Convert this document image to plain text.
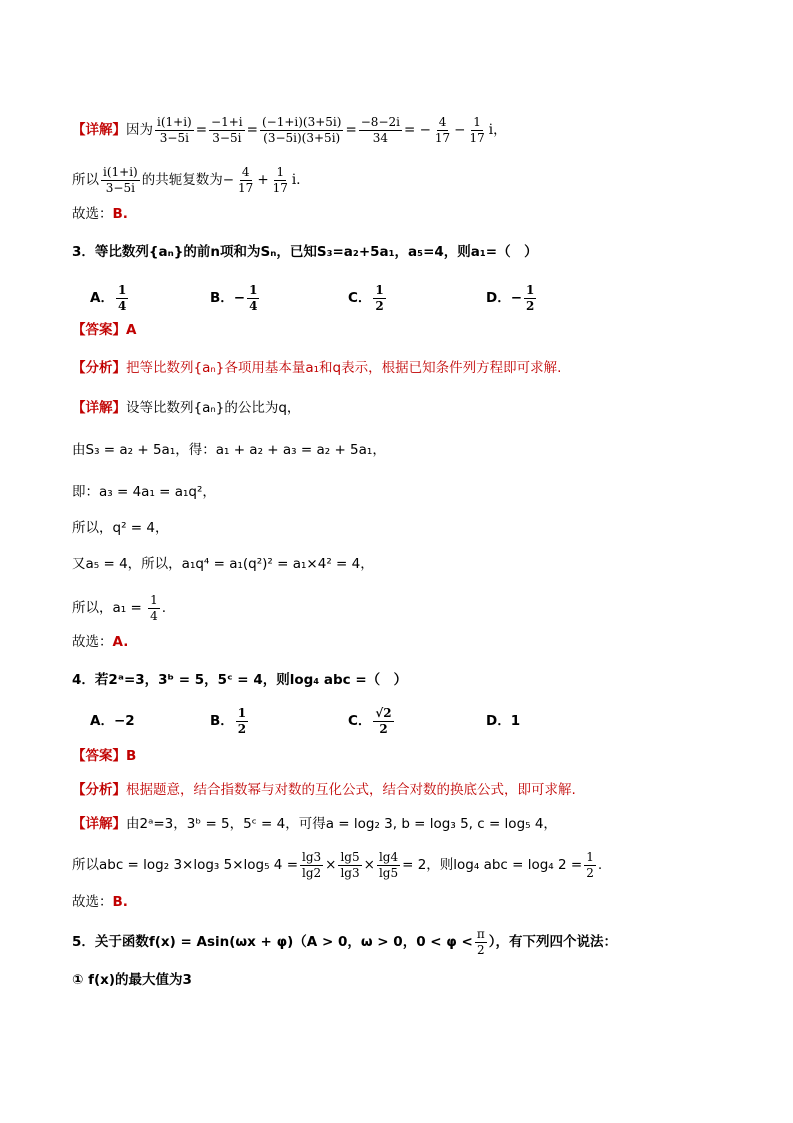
【详解】因为 $\frac{i(1+i)}{3-5i} = \frac{-1+i}{3-5i} = \frac{(-1+i)(3+5i)}{(3-5i)(3+5i)} = \frac{-8-2i}{34}$ = − $\frac{4}{17} - \frac{1}{17}$ i，
所以 $\frac{i(1+i)}{3-5i}$ 的共轭复数为− $\frac{4}{17} + \frac{1}{17}$ i．
故选：B.
3．等比数列{aₙ}的前n项和为Sₙ，已知S₃=a₂+5a₁，a₅=4，则a₁=（　）
A． $\frac{1}{4}$	B．− $\frac{1}{4}$	C． $\frac{1}{2}$	D．− $\frac{1}{2}$
【答案】A
【分析】把等比数列{aₙ}各项用基本量a₁和q表示，根据已知条件列方程即可求解.
【详解】设等比数列{aₙ}的公比为q，
由S₃ = a₂ + 5a₁，得：a₁ + a₂ + a₃ = a₂ + 5a₁，
即：a₃ = 4a₁ = a₁q²，
所以，q² = 4，
又a₅ = 4，所以，a₁q⁴ = a₁(q²)² = a₁×4² = 4，
所以，$a_1 = \frac{1}{4}$ .
故选：A.
4．若2ᵃ=3，3ᵇ = 5，5ᶜ = 4，则log₄ abc =（　）
A．−2	B． $\frac{1}{2}$	C． $\frac{√2}{2}$	D．1
【答案】B
【分析】根据题意，结合指数幂与对数的互化公式，结合对数的换底公式，即可求解.
【详解】由2ᵃ=3，3ᵇ = 5，5ᶜ = 4，可得a = log₂ 3, b = log₃ 5, c = log₅ 4，
所以abc = log₂ 3×log₃ 5×log₅ $4 = \frac{\lg 3}{\lg 2} \times \frac{\lg 5}{\lg 3} \times \frac{\lg 4}{\lg 5} = 2$，则log₄ abc = log₄ $2 = \frac{1}{2}$ .
故选：B.
5．关于函数f(x) = Asin(ωx + φ)（A > 0，ω > 0，$0 < \varphi < \frac{\pi}{2}$ ），有下列四个说法：
① f(x)的最大值为3
